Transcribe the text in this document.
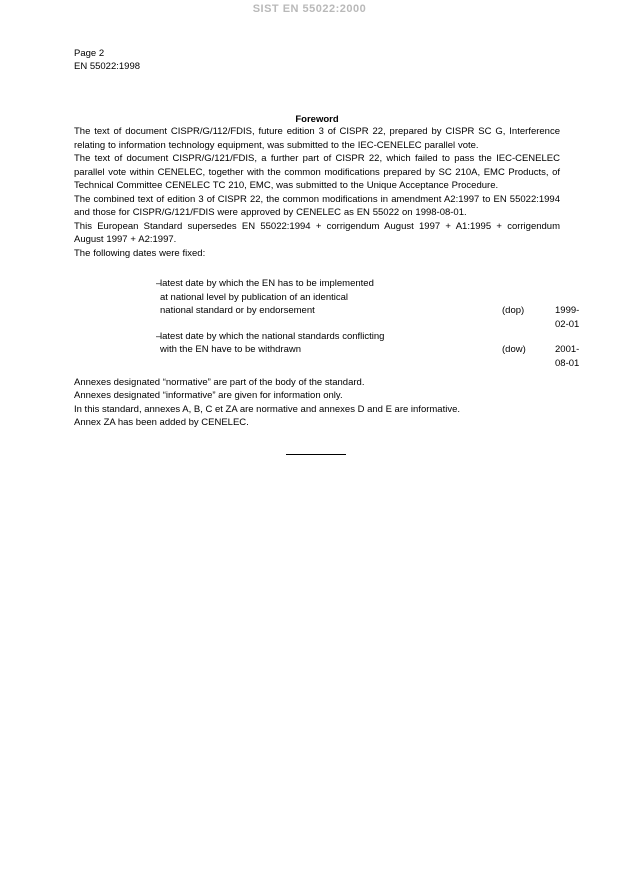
SIST EN 55022:2000
Page 2
EN 55022:1998
Foreword

The text of document CISPR/G/112/FDIS, future edition 3 of CISPR 22, prepared by CISPR SC G, Interference relating to information technology equipment, was submitted to the IEC-CENELEC parallel vote.

The text of document CISPR/G/121/FDIS, a further part of CISPR 22, which failed to pass the IEC-CENELEC parallel vote within CENELEC, together with the common modifications prepared by SC 210A, EMC Products, of Technical Committee CENELEC TC 210, EMC, was submitted to the Unique Acceptance Procedure.

The combined text of edition 3 of CISPR 22, the common modifications in amendment A2:1997 to EN 55022:1994 and those for CISPR/G/121/FDIS were approved by CENELEC as EN 55022 on 1998-08-01.

This European Standard supersedes EN 55022:1994 + corrigendum August 1997 + A1:1995 + corrigendum August 1997 + A2:1997.

The following dates were fixed:

–
latest date by which the EN has to be implemented
at national level by publication of an identical
national standard or by endorsement	(dop)	1999-02-01
–
latest date by which the national standards conflicting
with the EN have to be withdrawn	(dow)	2001-08-01
Annexes designated “normative” are part of the body of the standard.
Annexes designated “informative” are given for information only.
In this standard, annexes A, B, C et ZA are normative and annexes D and E are informative.
Annex ZA has been added by CENELEC.
